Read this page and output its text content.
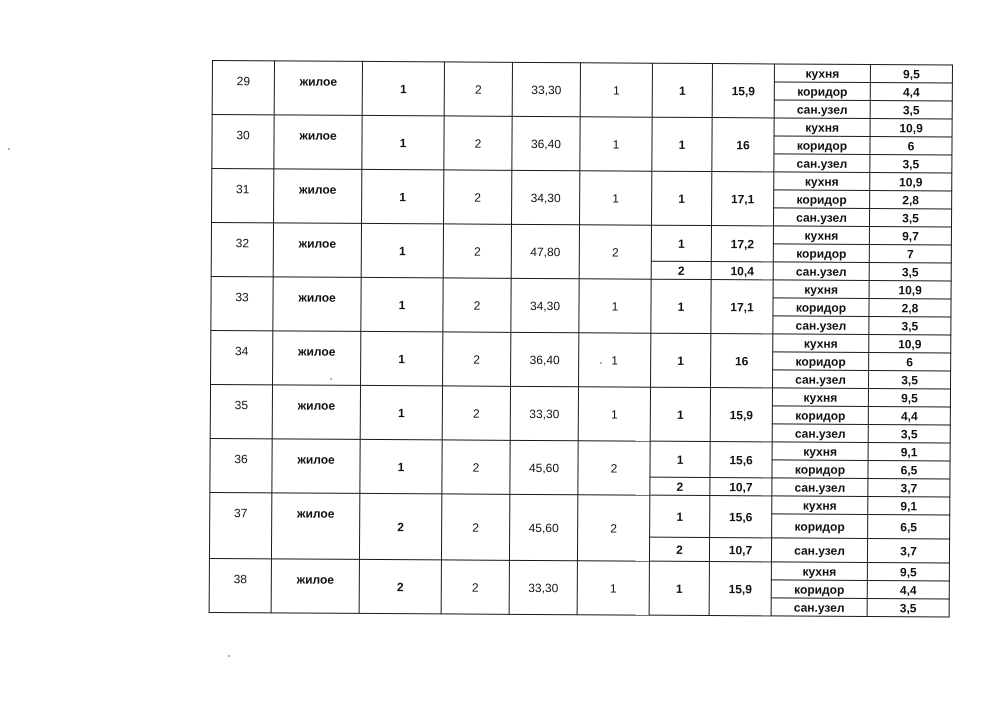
29	жилое	1	2	33,30	1	1	15,9	кухня	9,5
								коридор	4,4
								сан.узел	3,5
30	жилое	1	2	36,40	1	1	16	кухня	10,9
								коридор	6
								сан.узел	3,5
31	жилое	1	2	34,30	1	1	17,1	кухня	10,9
								коридор	2,8
								сан.узел	3,5
32	жилое	1	2	47,80	2	1	17,2	кухня	9,7
								коридор	7
						2	10,4	сан.узел	3,5
33	жилое	1	2	34,30	1	1	17,1	кухня	10,9
								коридор	2,8
								сан.узел	3,5
34	жилое	1	2	36,40	1	1	16	кухня	10,9
								коридор	6
								сан.узел	3,5
35	жилое	1	2	33,30	1	1	15,9	кухня	9,5
								коридор	4,4
								сан.узел	3,5
36	жилое	1	2	45,60	2	1	15,6	кухня	9,1
								коридор	6,5
						2	10,7	сан.узел	3,7
37	жилое	2	2	45,60	2	1	15,6	кухня	9,1
								коридор	6,5
						2	10,7	сан.узел	3,7
38	жилое	2	2	33,30	1	1	15,9	кухня	9,5
								коридор	4,4
								сан.узел	3,5
